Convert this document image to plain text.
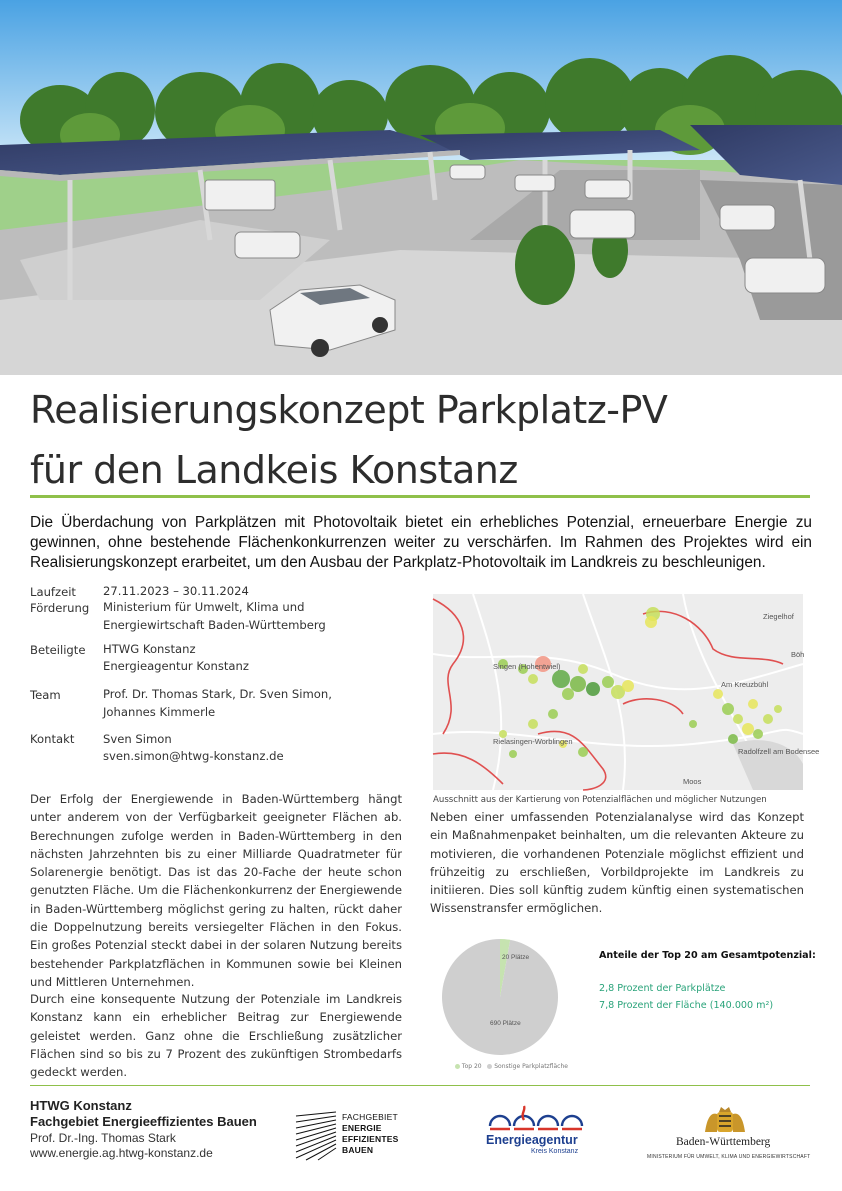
Realisierungskonzept Parkplatz-PV
für den Landkeis Konstanz
Die Überdachung von Parkplätzen mit Photovoltaik bietet ein erhebliches Potenzial, erneuerbare Energie zu gewinnen, ohne bestehende Flächenkonkurrenzen weiter zu verschärfen. Im Rahmen des Projektes wird ein Realisierungskonzept erarbeitet, um den Ausbau der Parkplatz-Photovoltaik im Landkreis zu beschleunigen.
Laufzeit 27.11.2023 – 30.11.2024
Förderung Ministerium für Umwelt, Klima und
Energiewirtschaft Baden-Württemberg
Beteiligte HTWG Konstanz
Energieagentur Konstanz
Team	Prof. Dr. Thomas Stark, Dr. Sven Simon,
Johannes Kimmerle
Kontakt Sven Simon
sven.simon@htwg-konstanz.de
Ziegelhof
Singen (Hohentwiel)
Am Kreuzbühl
Rielasingen-Worblingen
Radolfzell am Bodensee
Moos
Böh
Ausschnitt aus der Kartierung von Potenzialflächen und möglicher Nutzungen
Der Erfolg der Energiewende in Baden-Württemberg hängt unter anderem von der Verfügbarkeit geeigneter Flächen ab. Berechnungen zufolge werden in Baden-Württemberg in den nächsten Jahrzehnten bis zu einer Milliarde Quadratmeter für Solarenergie benötigt. Das ist das 20-Fache der heute schon genutzten Fläche. Um die Flächenkonkurrenz der Energiewende in Baden-Württemberg möglichst gering zu halten, rückt daher die Doppelnutzung bereits versiegelter Flächen in den Fokus. Ein großes Potenzial steckt dabei in der solaren Nutzung bereits bestehender Parkplatzflächen in Kommunen sowie bei Kleinen und Mittleren Unternehmen.
Durch eine konsequente Nutzung der Potenziale im Landkreis Konstanz kann ein erheblicher Beitrag zur Energiewende geleistet werden. Ganz ohne die Erschließung zusätzlicher Flächen sind so bis zu 7 Prozent des zukünftigen Strombedarfs gedeckt werden.
Neben einer umfassenden Potenzialanalyse wird das Konzept ein Maßnahmenpaket beinhalten, um die relevanten Akteure zu motivieren, die vorhandenen Potenziale möglichst effizient und frühzeitig zu erschließen, Vorbildprojekte im Landkreis zu initiieren. Dies soll künftig zudem künftig einen systematischen Wissenstransfer ermöglichen.
20 Plätze
690 Plätze
Top 20 Sonstige Parkplatzfläche
Anteile der Top 20 am Gesamtpotenzial:
2,8 Prozent der Parkplätze
7,8 Prozent der Fläche (140.000 m²)
HTWG Konstanz
Fachgebiet Energieeffizientes Bauen
Prof. Dr.-Ing. Thomas Stark
www.energie.ag.htwg-konstanz.de
FACHGEBIET
ENERGIE
EFFIZIENTES
BAUEN
Energieagentur
Kreis Konstanz
Baden-Württemberg
MINISTERIUM FÜR UMWELT, KLIMA UND ENERGIEWIRTSCHAFT
